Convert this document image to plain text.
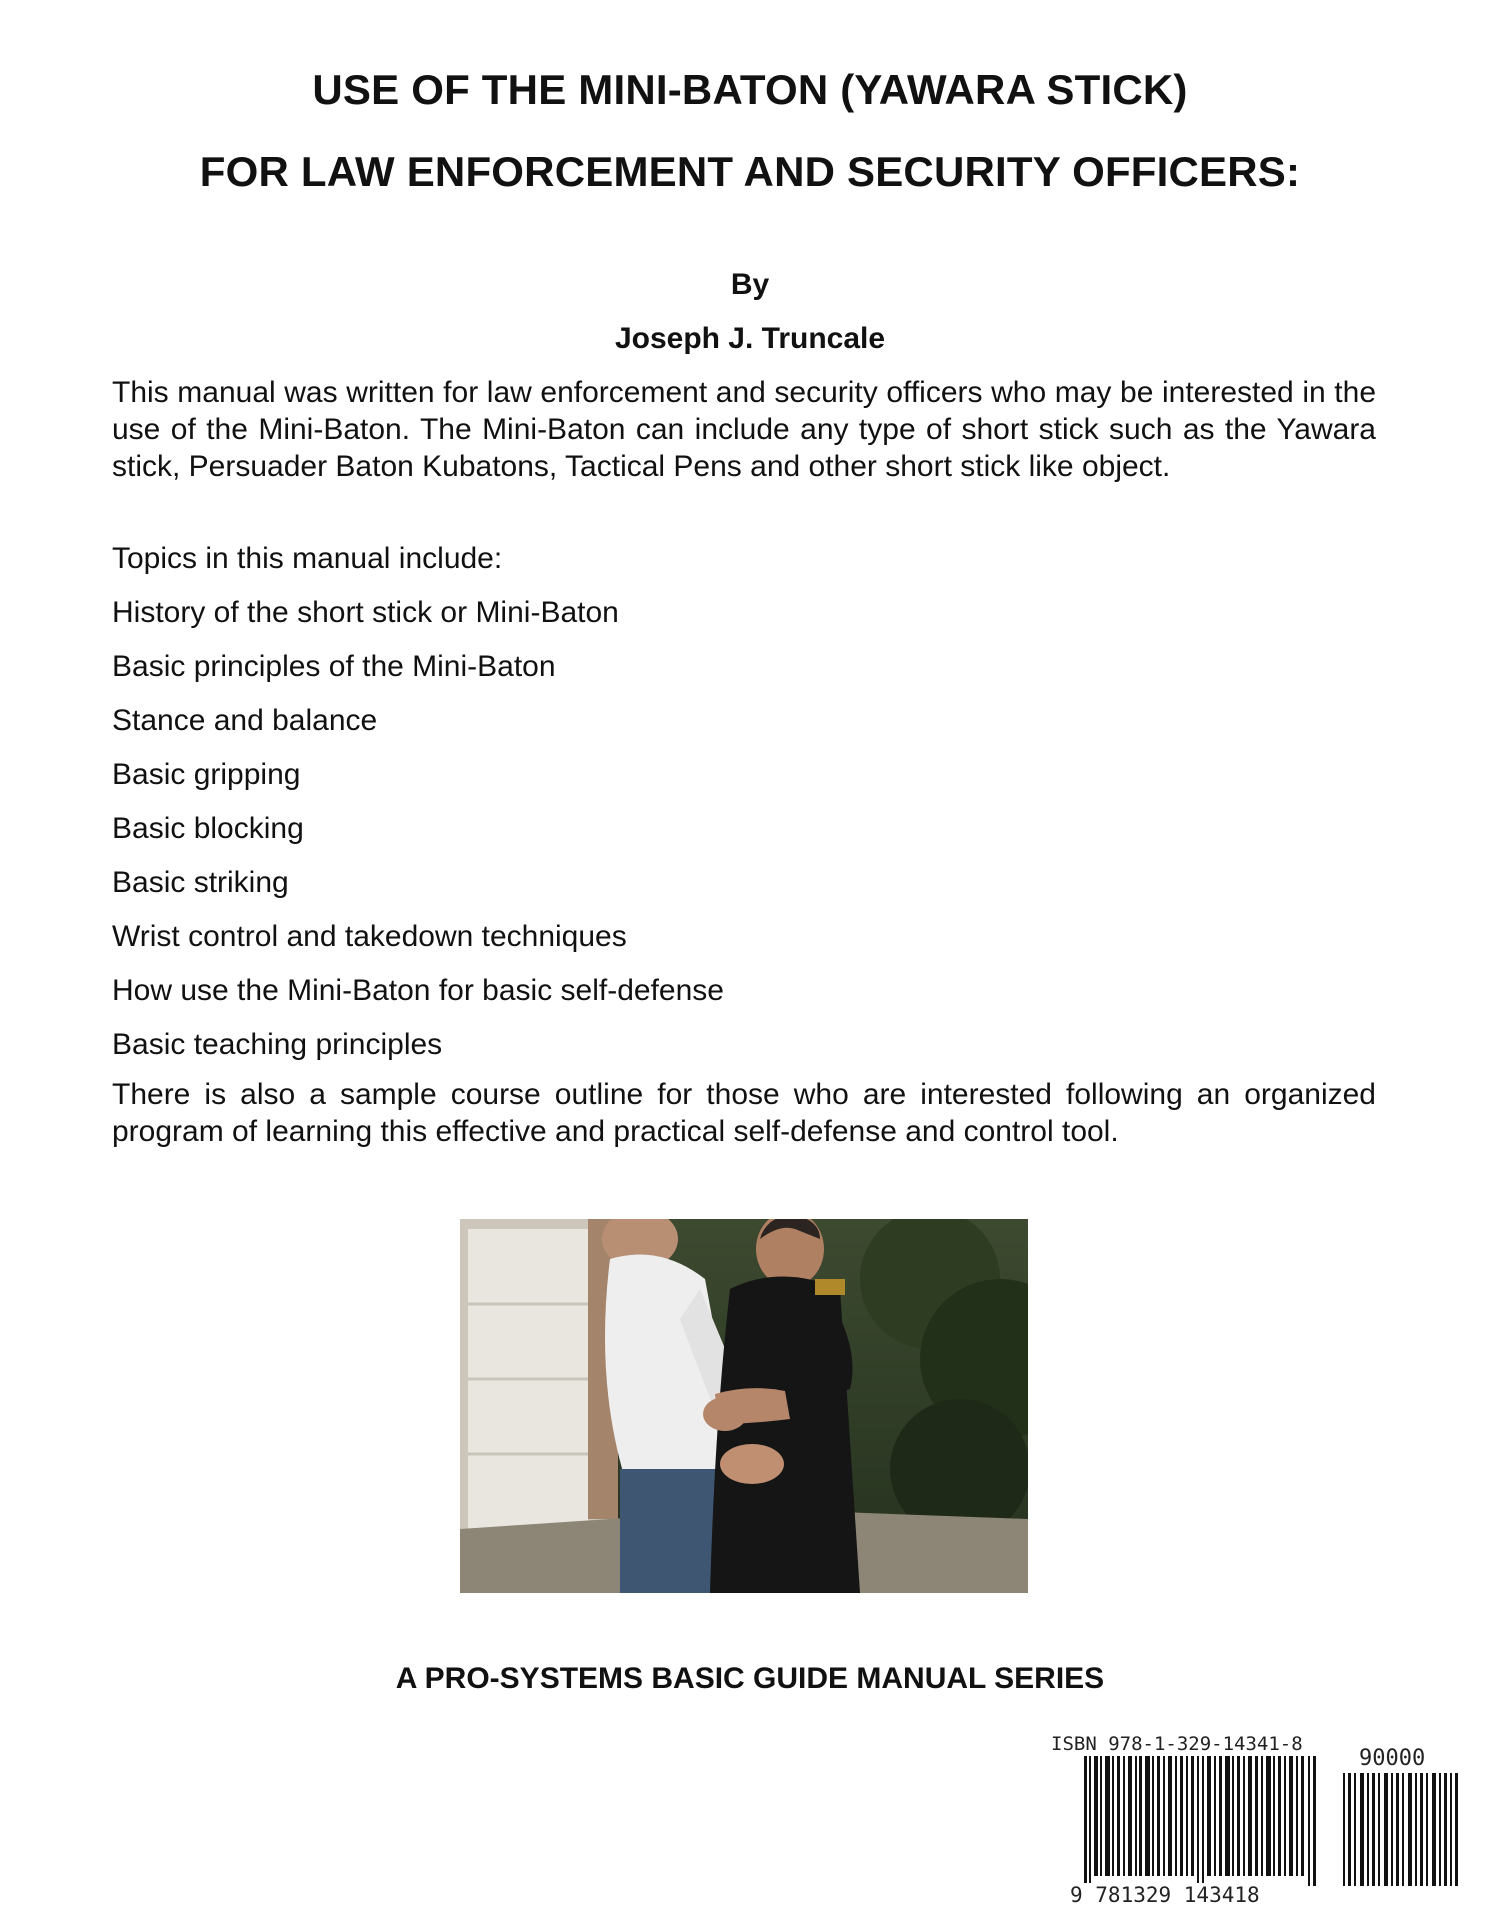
USE OF THE MINI-BATON (YAWARA STICK)
FOR LAW ENFORCEMENT AND SECURITY OFFICERS:
By
Joseph J. Truncale
This manual was written for law enforcement and security officers who may be interested in the use of the Mini-Baton. The Mini-Baton can include any type of short stick such as the Yawara stick, Persuader Baton Kubatons, Tactical Pens and other short stick like object.
Topics in this manual include:
History of the short stick or Mini-Baton
Basic principles of the Mini-Baton
Stance and balance
Basic gripping
Basic blocking
Basic striking
Wrist control and takedown techniques
How use the Mini-Baton for basic self-defense
Basic teaching principles
There is also a sample course outline for those who are interested following an organized program of learning this effective and practical self-defense and control tool.
A PRO-SYSTEMS BASIC GUIDE MANUAL SERIES
ISBN 978-1-329-14341-8
90000
9 781329 143418
